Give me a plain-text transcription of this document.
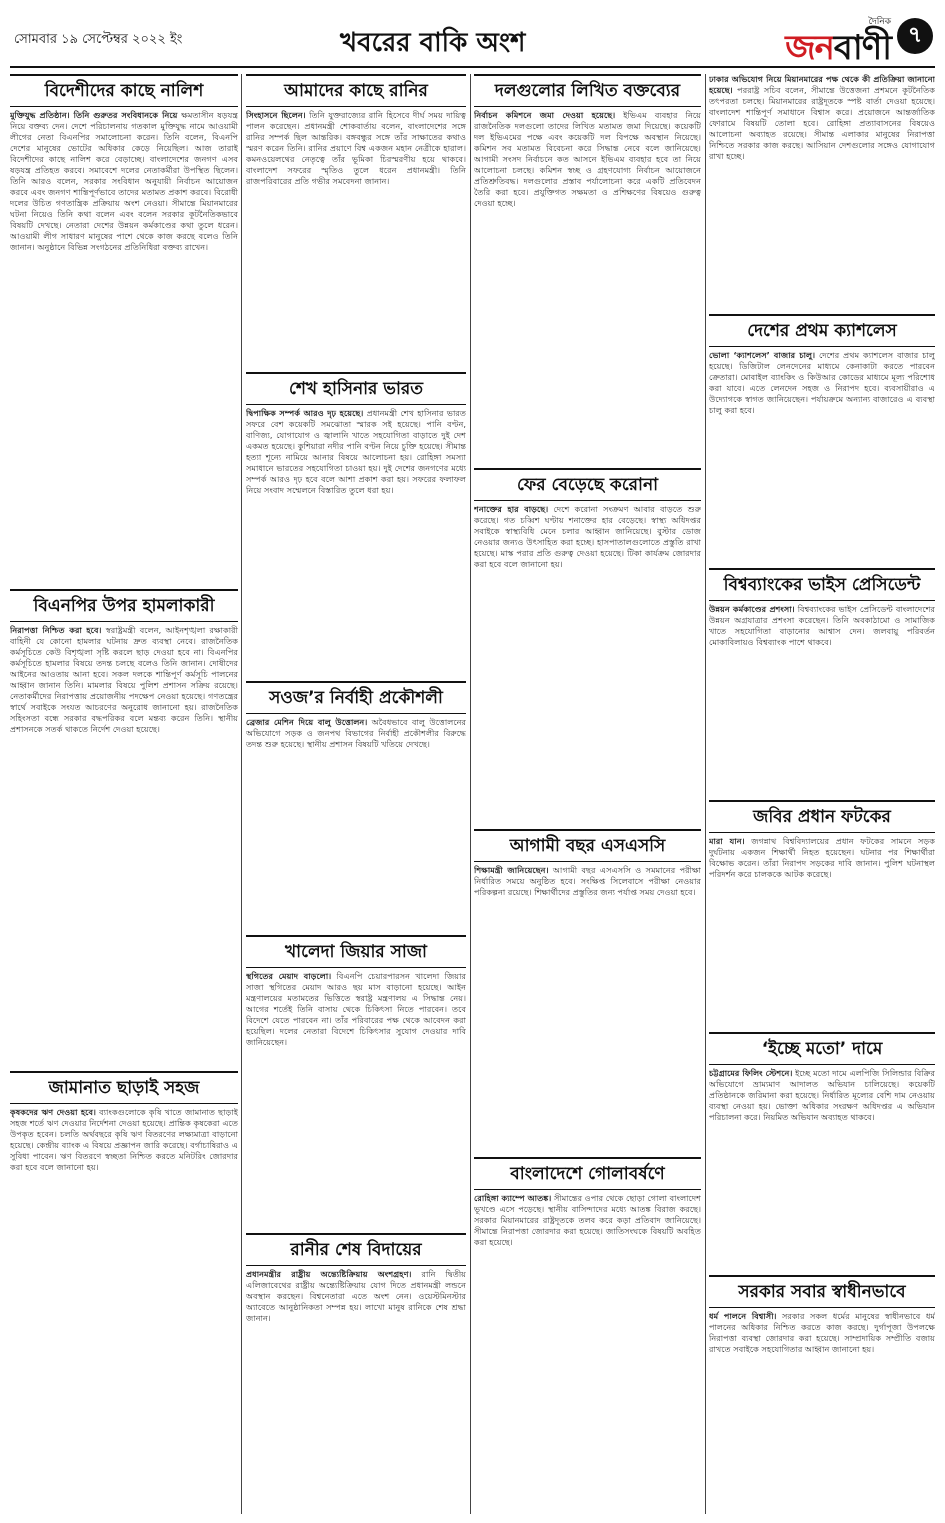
সোমবার ১৯ সেপ্টেম্বর ২০২২ ইং	খবরের বাকি অংশ
দৈনিক
জনবাণী ৭
বিদেশীদের কাছে নালিশ
মুক্তিযুদ্ধ প্রতিষ্ঠান। তিনি গুরুতর সংবিধানকে নিয়ে ক্ষমতাসীন ষড়যন্ত্র নিয়ে বক্তব্য দেন। দেশে পরিচালনায় গতকাল মুক্তিযুদ্ধ নামে আওয়ামী লীগের নেতা বিএনপির সমালোচনা করেন। তিনি বলেন, বিএনপি দেশের মানুষের ভোটের অধিকার কেড়ে নিয়েছিল। আজ তারাই বিদেশীদের কাছে নালিশ করে বেড়াচ্ছে। বাংলাদেশের জনগণ এসব ষড়যন্ত্র প্রতিহত করবে। সমাবেশে দলের নেতাকর্মীরা উপস্থিত ছিলেন। তিনি আরও বলেন, সরকার সংবিধান অনুযায়ী নির্বাচন আয়োজন করবে এবং জনগণ শান্তিপূর্ণভাবে তাদের মতামত প্রকাশ করবে। বিরোধী দলের উচিত গণতান্ত্রিক প্রক্রিয়ায় অংশ নেওয়া। সীমান্তে মিয়ানমারের ঘটনা নিয়েও তিনি কথা বলেন এবং বলেন সরকার কূটনৈতিকভাবে বিষয়টি দেখছে। নেতারা দেশের উন্নয়ন কর্মকাণ্ডের কথা তুলে ধরেন। আওয়ামী লীগ সাধারণ মানুষের পাশে থেকে কাজ করছে বলেও তিনি জানান। অনুষ্ঠানে বিভিন্ন সংগঠনের প্রতিনিধিরা বক্তব্য রাখেন।
বিএনপির উপর হামলাকারী
নিরাপত্তা নিশ্চিত করা হবে। স্বরাষ্ট্রমন্ত্রী বলেন, আইনশৃঙ্খলা রক্ষাকারী বাহিনী যে কোনো হামলার ঘটনায় দ্রুত ব্যবস্থা নেবে। রাজনৈতিক কর্মসূচিতে কেউ বিশৃঙ্খলা সৃষ্টি করলে ছাড় দেওয়া হবে না। বিএনপির কর্মসূচিতে হামলার বিষয়ে তদন্ত চলছে বলেও তিনি জানান। দোষীদের আইনের আওতায় আনা হবে। সকল দলকে শান্তিপূর্ণ কর্মসূচি পালনের আহ্বান জানান তিনি। মামলার বিষয়ে পুলিশ প্রশাসন সক্রিয় রয়েছে। নেতাকর্মীদের নিরাপত্তায় প্রয়োজনীয় পদক্ষেপ নেওয়া হয়েছে। গণতন্ত্রের স্বার্থে সবাইকে সংযত আচরণের অনুরোধ জানানো হয়। রাজনৈতিক সহিংসতা বন্ধে সরকার বদ্ধপরিকর বলে মন্তব্য করেন তিনি। স্থানীয় প্রশাসনকে সতর্ক থাকতে নির্দেশ দেওয়া হয়েছে।
জামানাত ছাড়াই সহজ
কৃষকদের ঋণ দেওয়া হবে। ব্যাংকগুলোকে কৃষি খাতে জামানাত ছাড়াই সহজ শর্তে ঋণ দেওয়ার নির্দেশনা দেওয়া হয়েছে। প্রান্তিক কৃষকেরা এতে উপকৃত হবেন। চলতি অর্থবছরে কৃষি ঋণ বিতরণের লক্ষ্যমাত্রা বাড়ানো হয়েছে। কেন্দ্রীয় ব্যাংক এ বিষয়ে প্রজ্ঞাপন জারি করেছে। বর্গাচাষিরাও এ সুবিধা পাবেন। ঋণ বিতরণে স্বচ্ছতা নিশ্চিত করতে মনিটরিং জোরদার করা হবে বলে জানানো হয়।
আমাদের কাছে রানির
সিংহাসনে ছিলেন। তিনি যুক্তরাজ্যের রানি হিসেবে দীর্ঘ সময় দায়িত্ব পালন করেছেন। প্রধানমন্ত্রী শোকবার্তায় বলেন, বাংলাদেশের সঙ্গে রানির সম্পর্ক ছিল আন্তরিক। বঙ্গবন্ধুর সঙ্গে তাঁর সাক্ষাতের কথাও স্মরণ করেন তিনি। রানির প্রয়াণে বিশ্ব একজন মহান নেত্রীকে হারাল। কমনওয়েলথের নেতৃত্বে তাঁর ভূমিকা চিরস্মরণীয় হয়ে থাকবে। বাংলাদেশ সফরের স্মৃতিও তুলে ধরেন প্রধানমন্ত্রী। তিনি রাজপরিবারের প্রতি গভীর সমবেদনা জানান।
শেখ হাসিনার ভারত
দ্বিপাক্ষিক সম্পর্ক আরও দৃঢ় হয়েছে। প্রধানমন্ত্রী শেখ হাসিনার ভারত সফরে বেশ কয়েকটি সমঝোতা স্মারক সই হয়েছে। পানি বণ্টন, বাণিজ্য, যোগাযোগ ও জ্বালানি খাতে সহযোগিতা বাড়াতে দুই দেশ একমত হয়েছে। কুশিয়ারা নদীর পানি বণ্টন নিয়ে চুক্তি হয়েছে। সীমান্ত হত্যা শূন্যে নামিয়ে আনার বিষয়ে আলোচনা হয়। রোহিঙ্গা সমস্যা সমাধানে ভারতের সহযোগিতা চাওয়া হয়। দুই দেশের জনগণের মধ্যে সম্পর্ক আরও দৃঢ় হবে বলে আশা প্রকাশ করা হয়। সফরের ফলাফল নিয়ে সংবাদ সম্মেলনে বিস্তারিত তুলে ধরা হয়।
সওজ’র নির্বাহী প্রকৌশলী
ব্রেজার মেশিন দিয়ে বালু উত্তোলন। অবৈধভাবে বালু উত্তোলনের অভিযোগে সড়ক ও জনপথ বিভাগের নির্বাহী প্রকৌশলীর বিরুদ্ধে তদন্ত শুরু হয়েছে। স্থানীয় প্রশাসন বিষয়টি খতিয়ে দেখছে।
খালেদা জিয়ার সাজা
স্থগিতের মেয়াদ বাড়লো। বিএনপি চেয়ারপারসন খালেদা জিয়ার সাজা স্থগিতের মেয়াদ আরও ছয় মাস বাড়ানো হয়েছে। আইন মন্ত্রণালয়ের মতামতের ভিত্তিতে স্বরাষ্ট্র মন্ত্রণালয় এ সিদ্ধান্ত নেয়। আগের শর্তেই তিনি বাসায় থেকে চিকিৎসা নিতে পারবেন। তবে বিদেশে যেতে পারবেন না। তাঁর পরিবারের পক্ষ থেকে আবেদন করা হয়েছিল। দলের নেতারা বিদেশে চিকিৎসার সুযোগ দেওয়ার দাবি জানিয়েছেন।
রানীর শেষ বিদায়ের
প্রধানমন্ত্রীর রাষ্ট্রীয় অন্ত্যেষ্টিক্রিয়ায় অংশগ্রহণ। রানি দ্বিতীয় এলিজাবেথের রাষ্ট্রীয় অন্ত্যেষ্টিক্রিয়ায় যোগ দিতে প্রধানমন্ত্রী লন্ডনে অবস্থান করছেন। বিশ্বনেতারা এতে অংশ নেন। ওয়েস্টমিনস্টার অ্যাবেতে আনুষ্ঠানিকতা সম্পন্ন হয়। লাখো মানুষ রানিকে শেষ শ্রদ্ধা জানান।
দলগুলোর লিখিত বক্তব্যের
নির্বাচন কমিশনে জমা দেওয়া হয়েছে। ইভিএম ব্যবহার নিয়ে রাজনৈতিক দলগুলো তাদের লিখিত মতামত জমা দিয়েছে। কয়েকটি দল ইভিএমের পক্ষে এবং কয়েকটি দল বিপক্ষে অবস্থান নিয়েছে। কমিশন সব মতামত বিবেচনা করে সিদ্ধান্ত নেবে বলে জানিয়েছে। আগামী সংসদ নির্বাচনে কত আসনে ইভিএম ব্যবহার হবে তা নিয়ে আলোচনা চলছে। কমিশন স্বচ্ছ ও গ্রহণযোগ্য নির্বাচন আয়োজনে প্রতিশ্রুতিবদ্ধ। দলগুলোর প্রস্তাব পর্যালোচনা করে একটি প্রতিবেদন তৈরি করা হবে। প্রযুক্তিগত সক্ষমতা ও প্রশিক্ষণের বিষয়েও গুরুত্ব দেওয়া হচ্ছে।
ফের বেড়েছে করোনা
শনাক্তের হার বাড়ছে। দেশে করোনা সংক্রমণ আবার বাড়তে শুরু করেছে। গত চব্বিশ ঘণ্টায় শনাক্তের হার বেড়েছে। স্বাস্থ্য অধিদপ্তর সবাইকে স্বাস্থ্যবিধি মেনে চলার আহ্বান জানিয়েছে। বুস্টার ডোজ নেওয়ার জন্যও উৎসাহিত করা হচ্ছে। হাসপাতালগুলোতে প্রস্তুতি রাখা হয়েছে। মাস্ক পরার প্রতি গুরুত্ব দেওয়া হয়েছে। টিকা কার্যক্রম জোরদার করা হবে বলে জানানো হয়।
আগামী বছর এসএসসি
শিক্ষামন্ত্রী জানিয়েছেন। আগামী বছর এসএসসি ও সমমানের পরীক্ষা নির্ধারিত সময়ে অনুষ্ঠিত হবে। সংক্ষিপ্ত সিলেবাসে পরীক্ষা নেওয়ার পরিকল্পনা রয়েছে। শিক্ষার্থীদের প্রস্তুতির জন্য পর্যাপ্ত সময় দেওয়া হবে।
বাংলাদেশে গোলাবর্ষণে
রোহিঙ্গা ক্যাম্পে আতঙ্ক। সীমান্তের ওপার থেকে ছোড়া গোলা বাংলাদেশ ভূখণ্ডে এসে পড়েছে। স্থানীয় বাসিন্দাদের মধ্যে আতঙ্ক বিরাজ করছে। সরকার মিয়ানমারের রাষ্ট্রদূতকে তলব করে কড়া প্রতিবাদ জানিয়েছে। সীমান্তে নিরাপত্তা জোরদার করা হয়েছে। জাতিসংঘকে বিষয়টি অবহিত করা হয়েছে।
ঢাকার অভিযোগ নিয়ে মিয়ানমারের পক্ষ থেকে কী প্রতিক্রিয়া জানানো হয়েছে। পররাষ্ট্র সচিব বলেন, সীমান্তে উত্তেজনা প্রশমনে কূটনৈতিক তৎপরতা চলছে। মিয়ানমারের রাষ্ট্রদূতকে স্পষ্ট বার্তা দেওয়া হয়েছে। বাংলাদেশ শান্তিপূর্ণ সমাধানে বিশ্বাস করে। প্রয়োজনে আন্তর্জাতিক ফোরামে বিষয়টি তোলা হবে। রোহিঙ্গা প্রত্যাবাসনের বিষয়েও আলোচনা অব্যাহত রয়েছে। সীমান্ত এলাকার মানুষের নিরাপত্তা নিশ্চিতে সরকার কাজ করছে। আসিয়ান দেশগুলোর সঙ্গেও যোগাযোগ রাখা হচ্ছে।
দেশের প্রথম ক্যাশলেস
ভোলা ‘ক্যাশলেস’ বাজার চালু। দেশের প্রথম ক্যাশলেস বাজার চালু হয়েছে। ডিজিটাল লেনদেনের মাধ্যমে কেনাকাটা করতে পারবেন ক্রেতারা। মোবাইল ব্যাংকিং ও কিউআর কোডের মাধ্যমে মূল্য পরিশোধ করা যাবে। এতে লেনদেন সহজ ও নিরাপদ হবে। ব্যবসায়ীরাও এ উদ্যোগকে স্বাগত জানিয়েছেন। পর্যায়ক্রমে অন্যান্য বাজারেও এ ব্যবস্থা চালু করা হবে।
বিশ্বব্যাংকের ভাইস প্রেসিডেন্ট
উন্নয়ন কর্মকাণ্ডের প্রশংসা। বিশ্বব্যাংকের ভাইস প্রেসিডেন্ট বাংলাদেশের উন্নয়ন অগ্রযাত্রার প্রশংসা করেছেন। তিনি অবকাঠামো ও সামাজিক খাতে সহযোগিতা বাড়ানোর আশ্বাস দেন। জলবায়ু পরিবর্তন মোকাবিলায়ও বিশ্বব্যাংক পাশে থাকবে।
জবির প্রধান ফটকের
মারা যান। জগন্নাথ বিশ্ববিদ্যালয়ের প্রধান ফটকের সামনে সড়ক দুর্ঘটনায় একজন শিক্ষার্থী নিহত হয়েছেন। ঘটনার পর শিক্ষার্থীরা বিক্ষোভ করেন। তাঁরা নিরাপদ সড়কের দাবি জানান। পুলিশ ঘটনাস্থল পরিদর্শন করে চালককে আটক করেছে।
‘ইচ্ছে মতো’ দামে
চট্টগ্রামের ফিলিং স্টেশনে। ইচ্ছে মতো দামে এলপিজি সিলিন্ডার বিক্রির অভিযোগে ভ্রাম্যমাণ আদালত অভিযান চালিয়েছে। কয়েকটি প্রতিষ্ঠানকে জরিমানা করা হয়েছে। নির্ধারিত মূল্যের বেশি দাম নেওয়ায় ব্যবস্থা নেওয়া হয়। ভোক্তা অধিকার সংরক্ষণ অধিদপ্তর এ অভিযান পরিচালনা করে। নিয়মিত অভিযান অব্যাহত থাকবে।
সরকার সবার স্বাধীনভাবে
ধর্ম পালনে বিশ্বাসী। সরকার সকল ধর্মের মানুষের স্বাধীনভাবে ধর্ম পালনের অধিকার নিশ্চিত করতে কাজ করছে। দুর্গাপূজা উপলক্ষে নিরাপত্তা ব্যবস্থা জোরদার করা হয়েছে। সাম্প্রদায়িক সম্প্রীতি বজায় রাখতে সবাইকে সহযোগিতার আহ্বান জানানো হয়।
